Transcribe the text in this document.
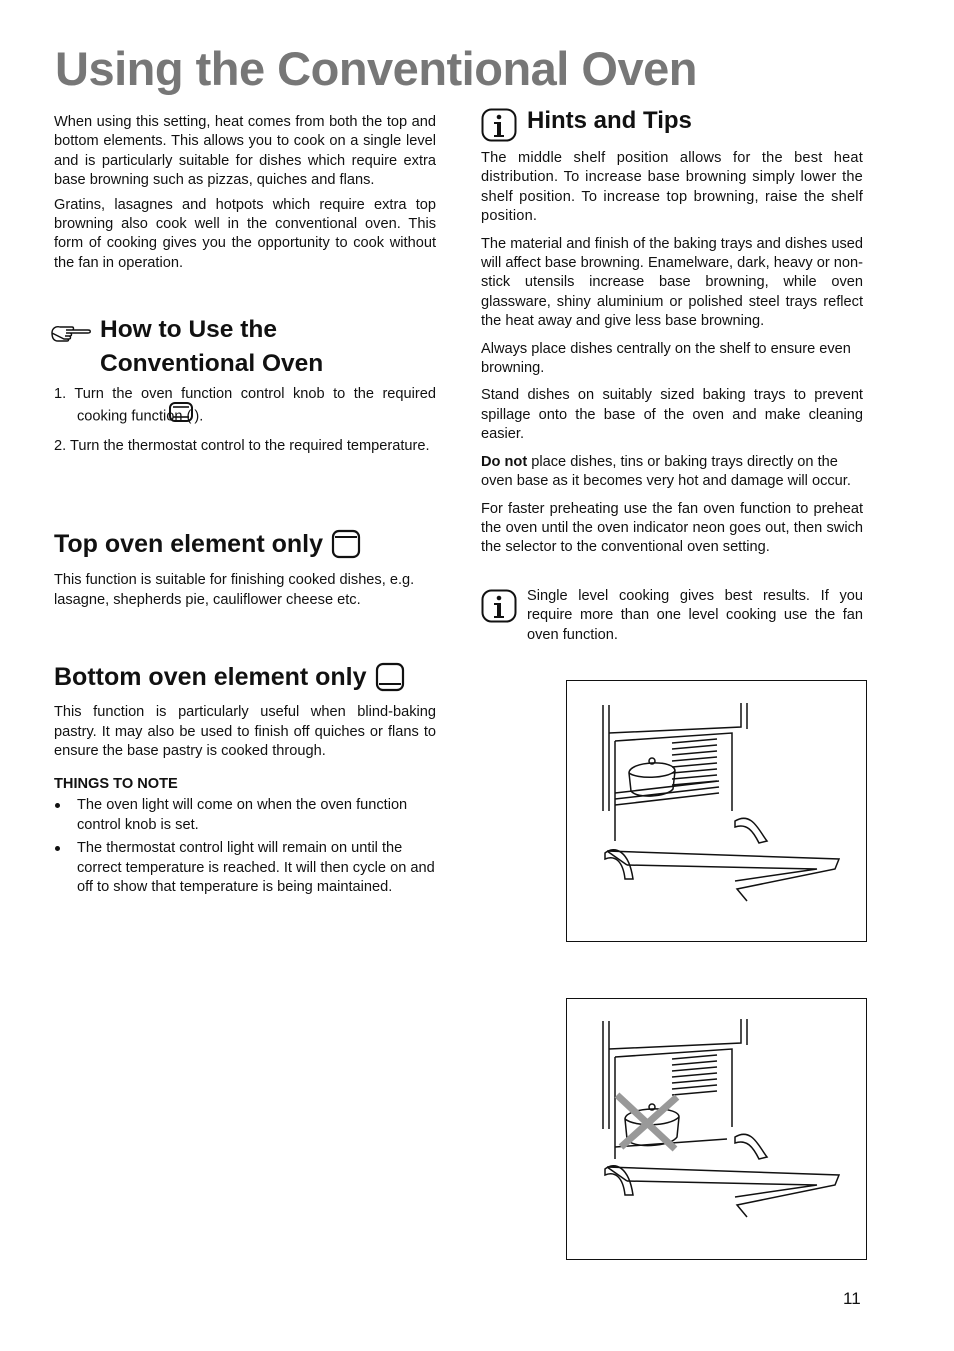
Using the Conventional Oven

When using this setting, heat comes from both the top and bottom elements. This allows you to cook on a single level and is particularly suitable for dishes which require extra base browning such as pizzas, quiches and flans.

Gratins, lasagnes and hotpots which require extra top browning also cook well in the conventional oven. This form of cooking gives you the opportunity to cook without the fan in operation.

How to Use the
Conventional Oven
1. Turn the oven function control knob to the required cooking function ( ).
2. Turn the thermostat control to the required temperature.
Top oven element only

This function is suitable for finishing cooked dishes, e.g. lasagne, shepherds pie, cauliflower cheese etc.

Bottom oven element only

This function is particularly useful when blind-baking pastry. It may also be used to finish off quiches or flans to ensure the base pastry is cooked through.

THINGS TO NOTE
The oven light will come on when the oven function control knob is set.
The thermostat control light will remain on until the correct temperature is reached. It will then cycle on and off to show that temperature is being maintained.
Hints and Tips

The middle shelf position allows for the best heat distribution. To increase base browning simply lower the shelf position. To increase top browning, raise the shelf position.

The material and finish of the baking trays and dishes used will affect base browning. Enamelware, dark, heavy or non-stick utensils increase base browning, while oven glassware, shiny aluminium or polished steel trays reflect the heat away and give less base browning.

Always place dishes centrally on the shelf to ensure even browning.

Stand dishes on suitably sized baking trays to prevent spillage onto the base of the oven and make cleaning easier.

Do not place dishes, tins or baking trays directly on the oven base as it becomes very hot and damage will occur.

For faster preheating use the fan oven function to preheat the oven until the oven indicator neon goes out, then swich the selector to the conventional oven setting.

Single level cooking gives best results. If you require more than one level cooking use the fan oven function.

11
